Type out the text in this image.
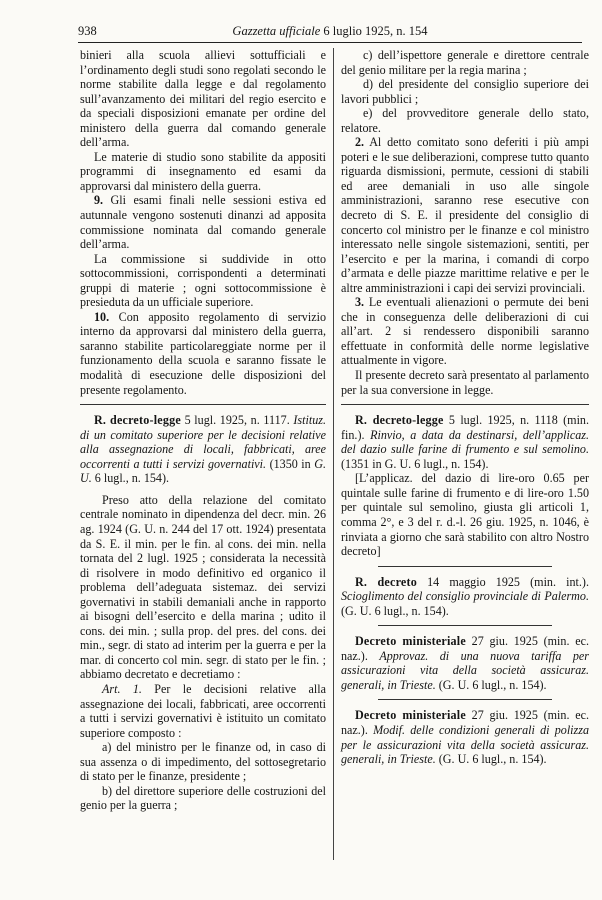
938	Gazzetta ufficiale 6 luglio 1925, n. 154

binieri alla scuola allievi sottufficiali e l’ordinamento degli studi sono regolati secondo le norme stabilite dalla legge e dal regolamento sull’avanzamento dei militari del regio esercito e da speciali disposizioni emanate per ordine del ministero della guerra dal comando generale dell’arma.

Le materie di studio sono stabilite da appositi programmi di insegnamento ed esami da approvarsi dal ministero della guerra.

9. Gli esami finali nelle sessioni estiva ed autunnale vengono sostenuti dinanzi ad apposita commissione nominata dal comando generale dell’arma.

La commissione si suddivide in otto sottocommissioni, corrispondenti a determinati gruppi di materie ; ogni sottocommissione è presieduta da un ufficiale superiore.

10. Con apposito regolamento di servizio interno da approvarsi dal ministero della guerra, saranno stabilite particolareggiate norme per il funzionamento della scuola e saranno fissate le modalità di esecuzione delle disposizioni del presente regolamento.

R. decreto-legge 5 lugl. 1925, n. 1117. Istituz. di un comitato superiore per le decisioni relative alla assegnazione di locali, fabbricati, aree occorrenti a tutti i servizi governativi. (1350 in G. U. 6 lugl., n. 154).

Preso atto della relazione del comitato centrale nominato in dipendenza del decr. min. 26 ag. 1924 (G. U. n. 244 del 17 ott. 1924) presentata da S. E. il min. per le fin. al cons. dei min. nella tornata del 2 lugl. 1925 ; considerata la necessità di risolvere in modo definitivo ed organico il problema dell’adeguata sistemaz. dei servizi governativi in stabili demaniali anche in rapporto ai bisogni dell’esercito e della marina ; udito il cons. dei min. ; sulla prop. del pres. del cons. dei min., segr. di stato ad interim per la guerra e per la mar. di concerto col min. segr. di stato per le fin. ; abbiamo decretato e decretiamo :

Art. 1. Per le decisioni relative alla assegnazione dei locali, fabbricati, aree occorrenti a tutti i servizi governativi è istituito un comitato superiore composto :

a) del ministro per le finanze od, in caso di sua assenza o di impedimento, del sottosegretario di stato per le finanze, presidente ;

b) del direttore superiore delle costruzioni del genio per la guerra ;

c) dell’ispettore generale e direttore centrale del genio militare per la regia marina ;

d) del presidente del consiglio superiore dei lavori pubblici ;

e) del provveditore generale dello stato, relatore.

2. Al detto comitato sono deferiti i più ampi poteri e le sue deliberazioni, comprese tutto quanto riguarda dismissioni, permute, cessioni di stabili ed aree demaniali in uso alle singole amministrazioni, saranno rese esecutive con decreto di S. E. il presidente del consiglio di concerto col ministro per le finanze e col ministro interessato nelle singole sistemazioni, sentiti, per l’esercito e per la marina, i comandi di corpo d’armata e delle piazze marittime relative e per le altre amministrazioni i capi dei servizi provinciali.

3. Le eventuali alienazioni o permute dei beni che in conseguenza delle deliberazioni di cui all’art. 2 si rendessero disponibili saranno effettuate in conformità delle norme legislative attualmente in vigore.

Il presente decreto sarà presentato al parlamento per la sua conversione in legge.

R. decreto-legge 5 lugl. 1925, n. 1118 (min. fin.). Rinvio, a data da destinarsi, dell’applicaz. del dazio sulle farine di frumento e sul semolino. (1351 in G. U. 6 lugl., n. 154).

[L’applicaz. del dazio di lire-oro 0.65 per quintale sulle farine di frumento e di lire-oro 1.50 per quintale sul semolino, giusta gli articoli 1, comma 2°, e 3 del r. d.-l. 26 giu. 1925, n. 1046, è rinviata a giorno che sarà stabilito con altro Nostro decreto]

R. decreto 14 maggio 1925 (min. int.). Scioglimento del consiglio provinciale di Palermo. (G. U. 6 lugl., n. 154).

Decreto ministeriale 27 giu. 1925 (min. ec. naz.). Approvaz. di una nuova tariffa per assicurazioni vita della società assicuraz. generali, in Trieste. (G. U. 6 lugl., n. 154).

Decreto ministeriale 27 giu. 1925 (min. ec. naz.). Modif. delle condizioni generali di polizza per le assicurazioni vita della società assicuraz. generali, in Trieste. (G. U. 6 lugl., n. 154).
